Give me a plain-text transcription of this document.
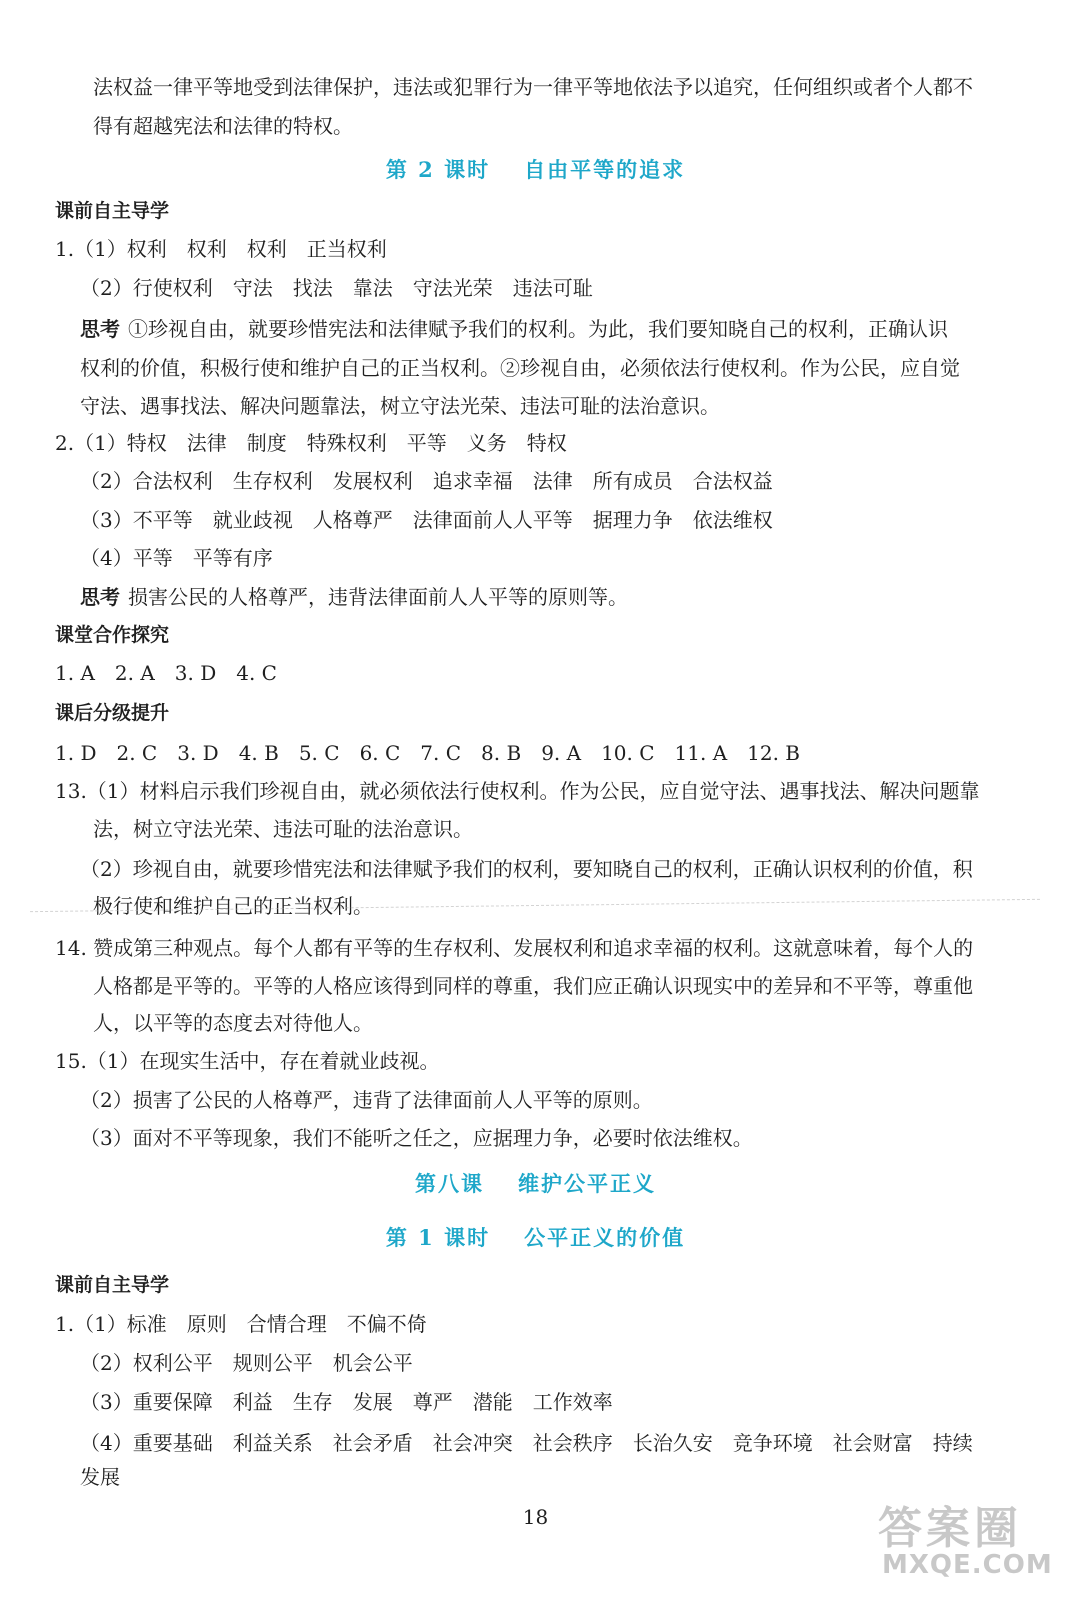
法权益一律平等地受到法律保护，违法或犯罪行为一律平等地依法予以追究，任何组织或者个人都不
得有超越宪法和法律的特权。
第 2 课时 自由平等的追求
课前自主导学
1.（1）权利　权利　权利　正当权利
（2）行使权利　守法　找法　靠法　守法光荣　违法可耻
思考 ①珍视自由，就要珍惜宪法和法律赋予我们的权利。为此，我们要知晓自己的权利，正确认识
权利的价值，积极行使和维护自己的正当权利。②珍视自由，必须依法行使权利。作为公民，应自觉
守法、遇事找法、解决问题靠法，树立守法光荣、违法可耻的法治意识。
2.（1）特权　法律　制度　特殊权利　平等　义务　特权
（2）合法权利　生存权利　发展权利　追求幸福　法律　所有成员　合法权益
（3）不平等　就业歧视　人格尊严　法律面前人人平等　据理力争　依法维权
（4）平等　平等有序
思考 损害公民的人格尊严，违背法律面前人人平等的原则等。
课堂合作探究
1. A　2. A　3. D　4. C
课后分级提升
1. D　2. C　3. D　4. B　5. C　6. C　7. C　8. B　9. A　10. C　11. A　12. B
13.（1）材料启示我们珍视自由，就必须依法行使权利。作为公民，应自觉守法、遇事找法、解决问题靠
法，树立守法光荣、违法可耻的法治意识。
（2）珍视自由，就要珍惜宪法和法律赋予我们的权利，要知晓自己的权利，正确认识权利的价值，积
极行使和维护自己的正当权利。
14. 赞成第三种观点。每个人都有平等的生存权利、发展权利和追求幸福的权利。这就意味着，每个人的
人格都是平等的。平等的人格应该得到同样的尊重，我们应正确认识现实中的差异和不平等，尊重他
人，以平等的态度去对待他人。
15.（1）在现实生活中，存在着就业歧视。
（2）损害了公民的人格尊严，违背了法律面前人人平等的原则。
（3）面对不平等现象，我们不能听之任之，应据理力争，必要时依法维权。
第八课 维护公平正义
第 1 课时 公平正义的价值
课前自主导学
1.（1）标准　原则　合情合理　不偏不倚
（2）权利公平　规则公平　机会公平
（3）重要保障　利益　生存　发展　尊严　潜能　工作效率
（4）重要基础　利益关系　社会矛盾　社会冲突　社会秩序　长治久安　竞争环境　社会财富　持续
发展
18	答案圈
MXQE.COM
